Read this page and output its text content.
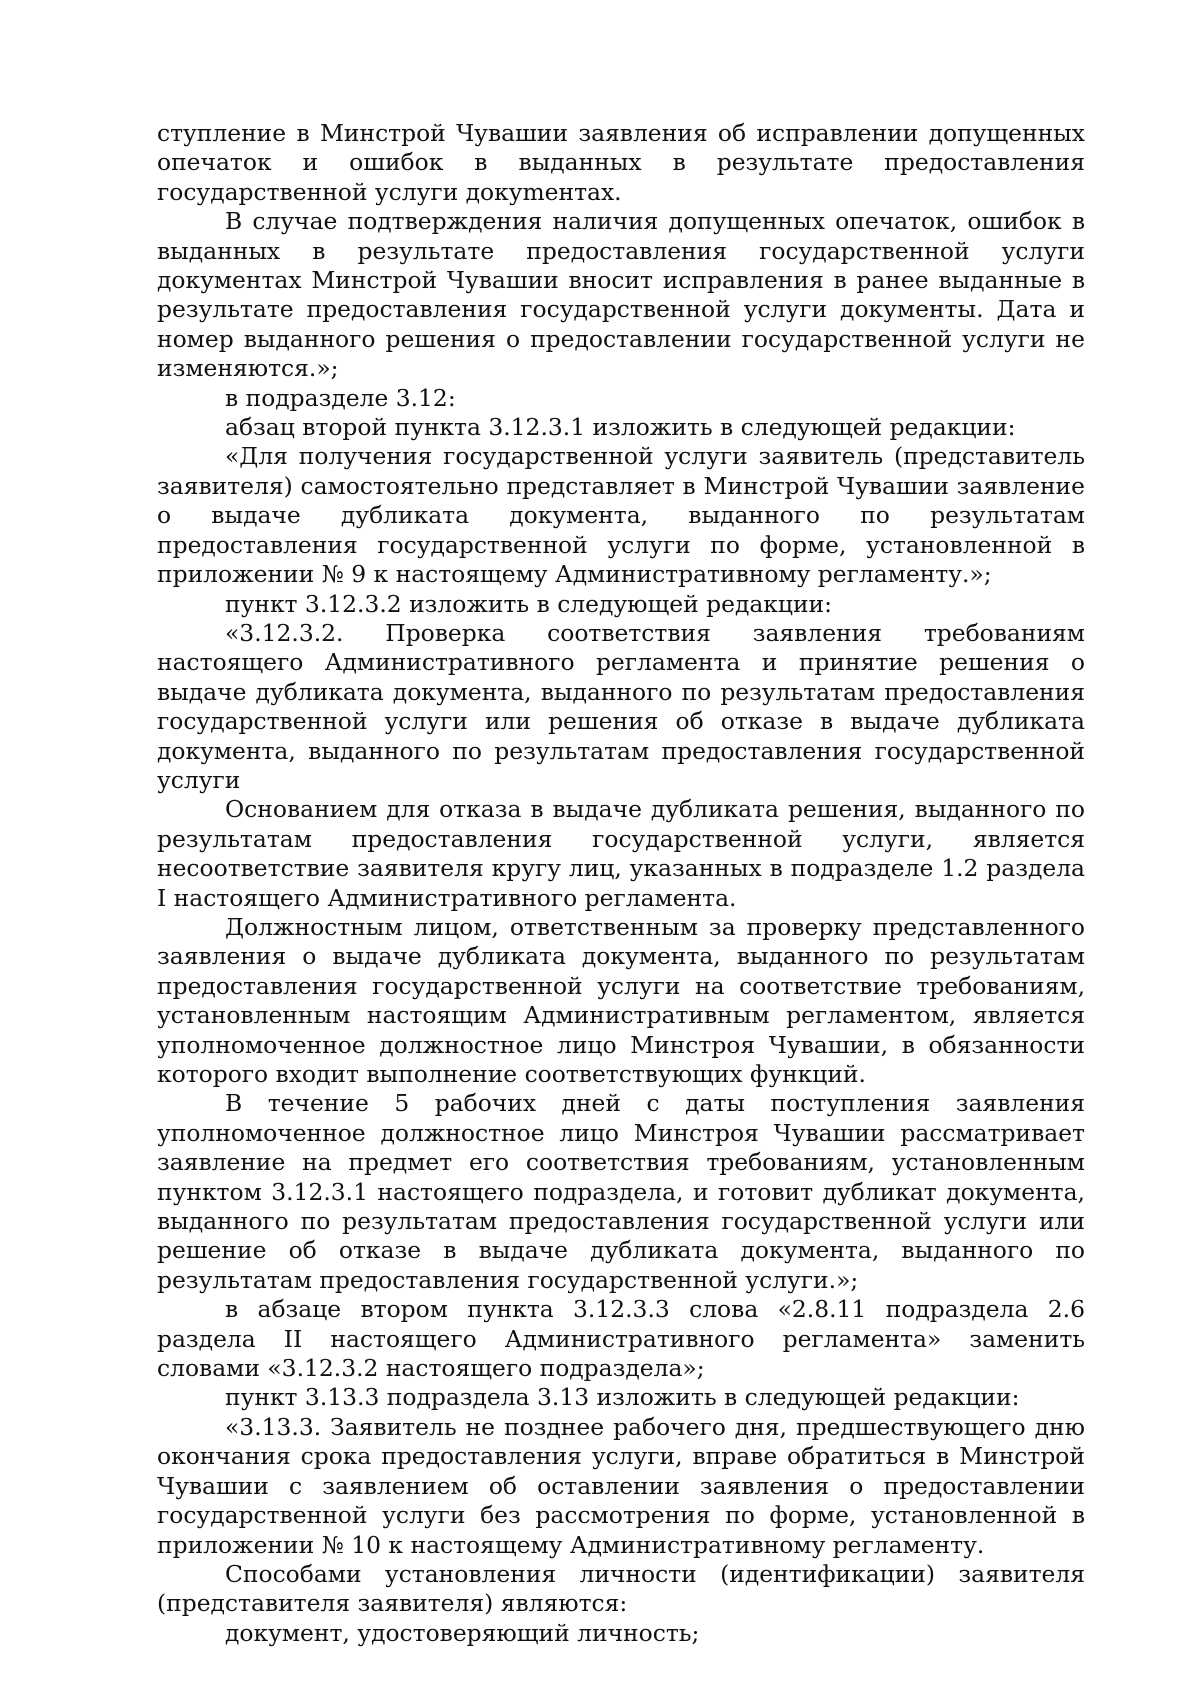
ступление в Минстрой Чувашии заявления об исправлении допущенных опечаток и ошибок в выданных в результате предоставления государственной услуги докуmентах.

В случае подтверждения наличия допущенных опечаток, ошибок в выданных в результате предоставления государственной услуги документах Минстрой Чувашии вносит исправления в ранее выданные в результате предоставления государственной услуги документы. Дата и номер выданного решения о предоставлении государственной услуги не изменяются.»;

в подразделе 3.12:

абзац второй пункта 3.12.3.1 изложить в следующей редакции:

«Для получения государственной услуги заявитель (представитель заявителя) самостоятельно представляет в Минстрой Чувашии заявление о выдаче дубликата документа, выданного по результатам предоставления государственной услуги по форме, установленной в приложении № 9 к настоящему Административному регламенту.»;

пункт 3.12.3.2 изложить в следующей редакции:

«3.12.3.2. Проверка соответствия заявления требованиям настоящего Административного регламента и принятие решения о выдаче дубликата документа, выданного по результатам предоставления государственной услуги или решения об отказе в выдаче дубликата документа, выданного по результатам предоставления государственной услуги

Основанием для отказа в выдаче дубликата решения, выданного по результатам предоставления государственной услуги, является несоответствие заявителя кругу лиц, указанных в подразделе 1.2 раздела I настоящего Административного регламента.

Должностным лицом, ответственным за проверку представленного заявления о выдаче дубликата документа, выданного по результатам предоставления государственной услуги на соответствие требованиям, установленным настоящим Административным регламентом, является уполномоченное должностное лицо Минстроя Чувашии, в обязанности которого входит выполнение соответствующих функций.

В течение 5 рабочих дней с даты поступления заявления уполномоченное должностное лицо Минстроя Чувашии рассматривает заявление на предмет его соответствия требованиям, установленным пунктом 3.12.3.1 настоящего подраздела, и готовит дубликат документа, выданного по результатам предоставления государственной услуги или решение об отказе в выдаче дубликата документа, выданного по результатам предоставления государственной услуги.»;

в абзаце втором пункта 3.12.3.3 слова «2.8.11 подраздела 2.6 раздела II настоящего Административного регламента» заменить словами «3.12.3.2 настоящего подраздела»;

пункт 3.13.3 подраздела 3.13 изложить в следующей редакции:

«3.13.3. Заявитель не позднее рабочего дня, предшествующего дню окончания срока предоставления услуги, вправе обратиться в Минстрой Чувашии с заявлением об оставлении заявления о предоставлении государственной услуги без рассмотрения по форме, установленной в приложении № 10 к настоящему Административному регламенту.

Способами установления личности (идентификации) заявителя (представителя заявителя) являются:

документ, удостоверяющий личность;
